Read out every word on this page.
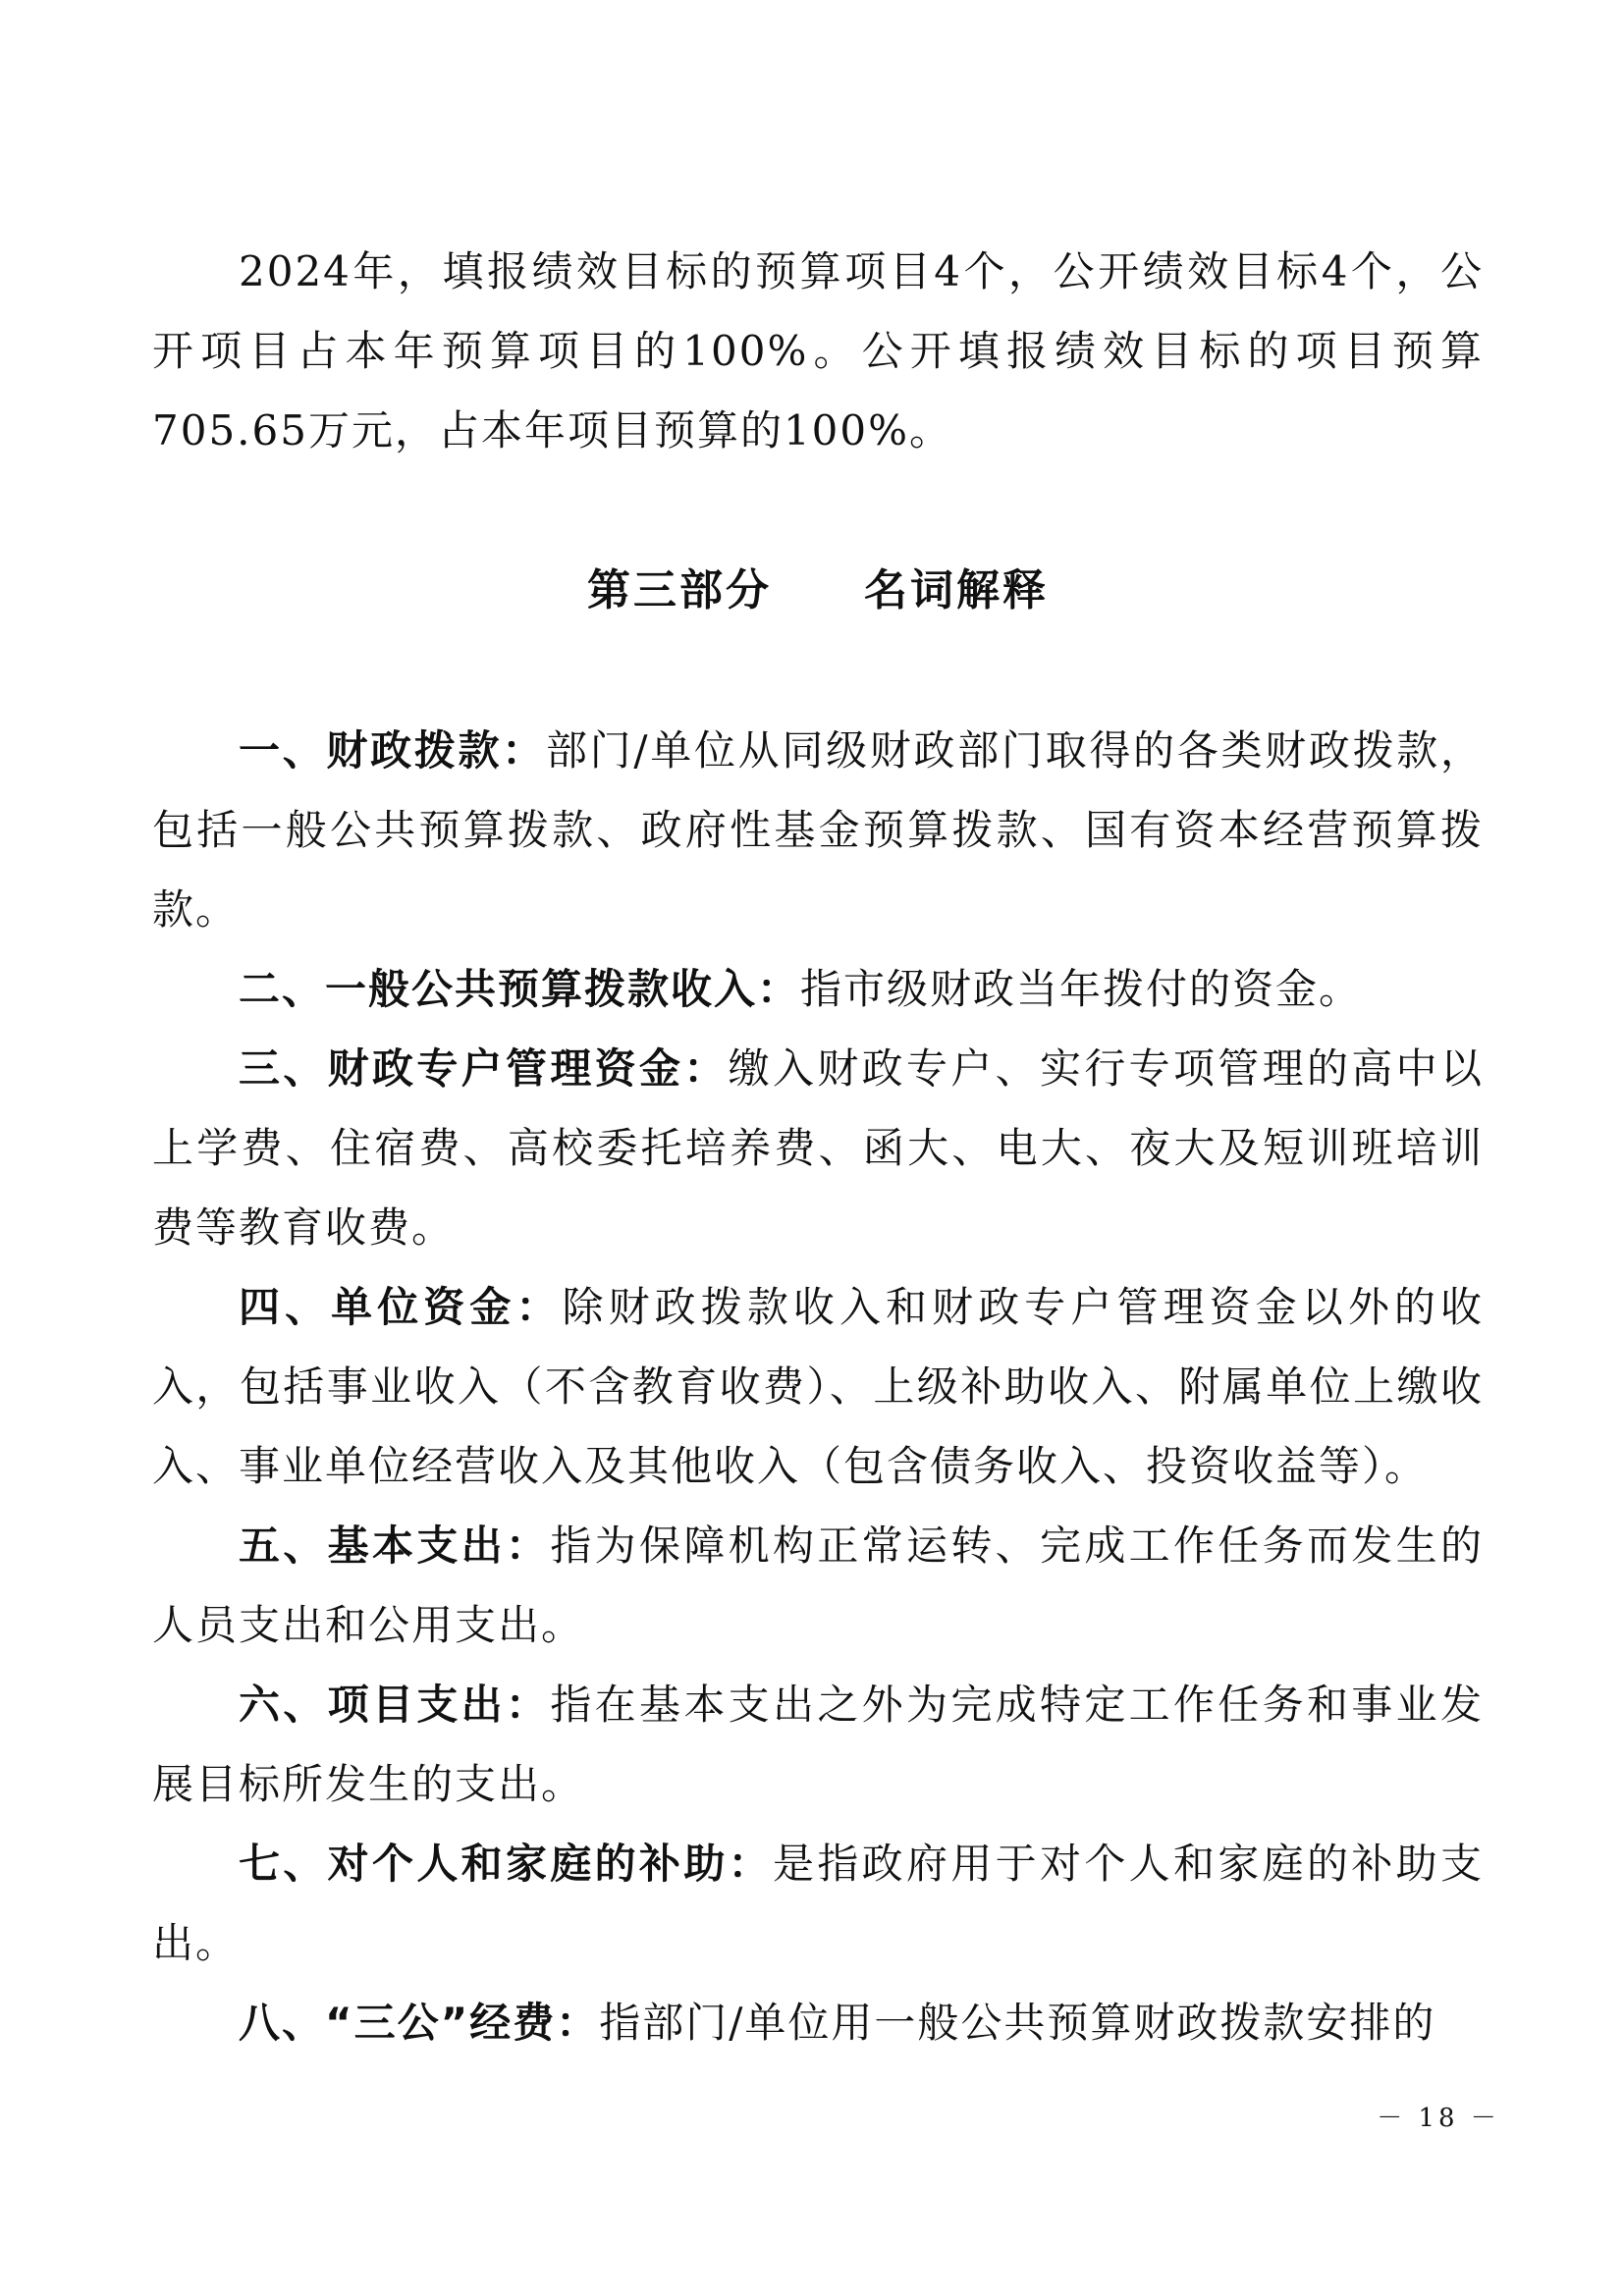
2024年，填报绩效目标的预算项目4个，公开绩效目标4个，公开项目占本年预算项目的100%。公开填报绩效目标的项目预算705.65万元，占本年项目预算的100%。

第三部分　　名词解释

一、财政拨款：部门/单位从同级财政部门取得的各类财政拨款，包括一般公共预算拨款、政府性基金预算拨款、国有资本经营预算拨款。

二、一般公共预算拨款收入：指市级财政当年拨付的资金。

三、财政专户管理资金：缴入财政专户、实行专项管理的高中以上学费、住宿费、高校委托培养费、函大、电大、夜大及短训班培训费等教育收费。

四、单位资金：除财政拨款收入和财政专户管理资金以外的收入，包括事业收入（不含教育收费）、上级补助收入、附属单位上缴收入、事业单位经营收入及其他收入（包含债务收入、投资收益等）。

五、基本支出：指为保障机构正常运转、完成工作任务而发生的人员支出和公用支出。

六、项目支出：指在基本支出之外为完成特定工作任务和事业发展目标所发生的支出。

七、对个人和家庭的补助：是指政府用于对个人和家庭的补助支出。

八、“三公”经费：指部门/单位用一般公共预算财政拨款安排的

－ 18 －
